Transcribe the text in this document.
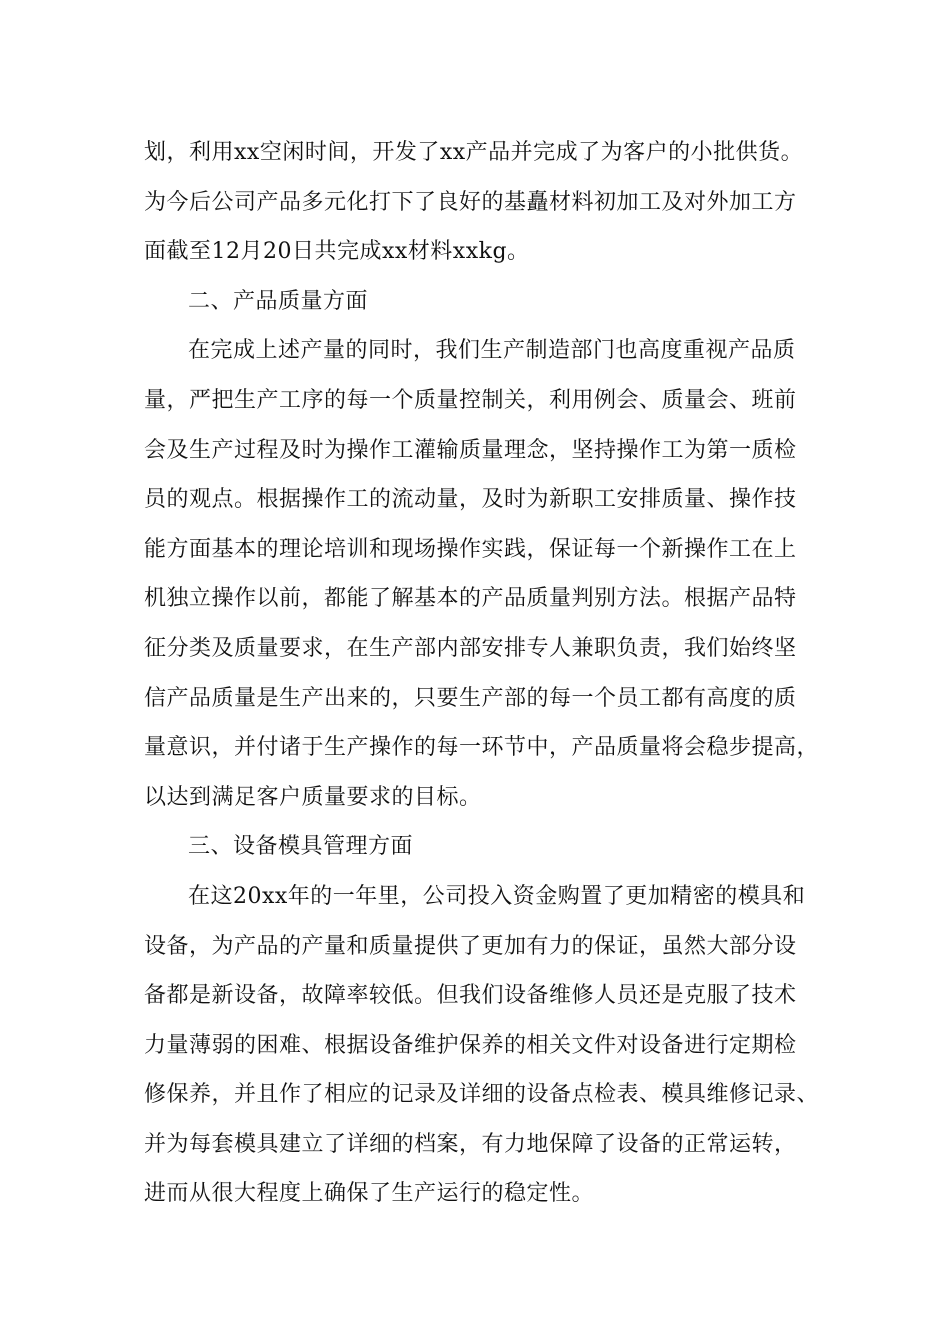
划，利用xx空闲时间，开发了xx产品并完成了为客户的小批供货。
为今后公司产品多元化打下了良好的基矗材料初加工及对外加工方
面截至12月20日共完成xx材料xxkg。
二、产品质量方面
在完成上述产量的同时，我们生产制造部门也高度重视产品质
量，严把生产工序的每一个质量控制关，利用例会、质量会、班前
会及生产过程及时为操作工灌输质量理念，坚持操作工为第一质检
员的观点。根据操作工的流动量，及时为新职工安排质量、操作技
能方面基本的理论培训和现场操作实践，保证每一个新操作工在上
机独立操作以前，都能了解基本的产品质量判别方法。根据产品特
征分类及质量要求，在生产部内部安排专人兼职负责，我们始终坚
信产品质量是生产出来的，只要生产部的每一个员工都有高度的质
量意识，并付诸于生产操作的每一环节中，产品质量将会稳步提高，
以达到满足客户质量要求的目标。
三、设备模具管理方面
在这20xx年的一年里，公司投入资金购置了更加精密的模具和
设备，为产品的产量和质量提供了更加有力的保证，虽然大部分设
备都是新设备，故障率较低。但我们设备维修人员还是克服了技术
力量薄弱的困难、根据设备维护保养的相关文件对设备进行定期检
修保养，并且作了相应的记录及详细的设备点检表、模具维修记录、
并为每套模具建立了详细的档案，有力地保障了设备的正常运转，
进而从很大程度上确保了生产运行的稳定性。
